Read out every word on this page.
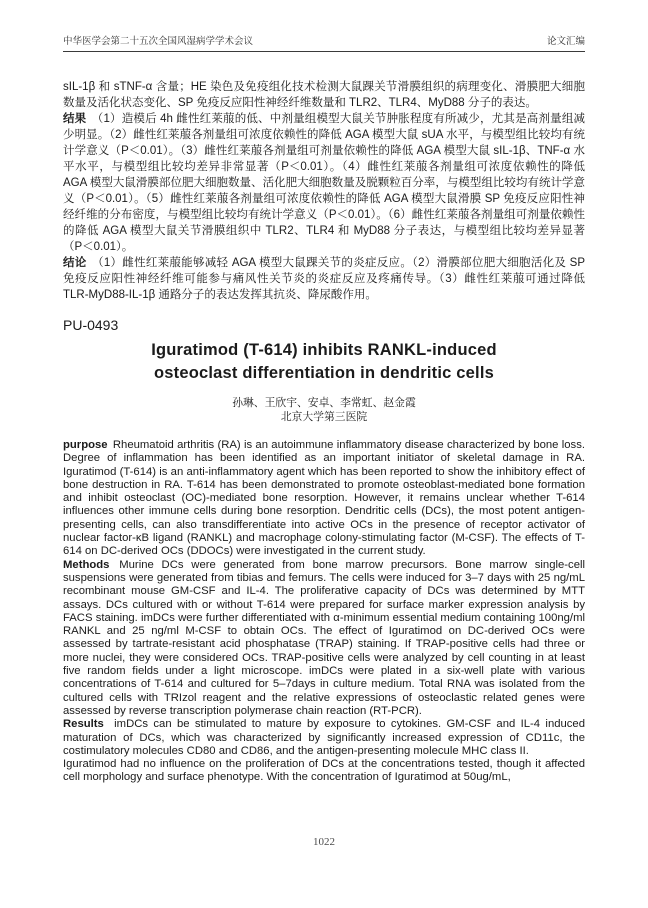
中华医学会第二十五次全国风湿病学学术会议	论文汇编

sIL-1β 和 sTNF-α 含量；HE 染色及免疫组化技术检测大鼠踝关节滑膜组织的病理变化、滑膜肥大细胞数量及活化状态变化、SP 免疫反应阳性神经纤维数量和 TLR2、TLR4、MyD88 分子的表达。

结果 （1）造模后 4h 雌性红莱菔的低、中剂量组模型大鼠关节肿胀程度有所减少，尤其是高剂量组减少明显。（2）雌性红莱菔各剂量组可浓度依赖性的降低 AGA 模型大鼠 sUA 水平，与模型组比较均有统计学意义（P＜0.01）。（3）雌性红莱菔各剂量组可剂量依赖性的降低 AGA 模型大鼠 sIL-1β、TNF-α 水平水平，与模型组比较均差异非常显著（P＜0.01）。（4）雌性红莱菔各剂量组可浓度依赖性的降低 AGA 模型大鼠滑膜部位肥大细胞数量、活化肥大细胞数量及脱颗粒百分率，与模型组比较均有统计学意义（P＜0.01）。（5）雌性红莱菔各剂量组可浓度依赖性的降低 AGA 模型大鼠滑膜 SP 免疫反应阳性神经纤维的分布密度，与模型组比较均有统计学意义（P＜0.01）。（6）雌性红莱菔各剂量组可剂量依赖性的降低 AGA 模型大鼠关节滑膜组织中 TLR2、TLR4 和 MyD88 分子表达，与模型组比较均差异显著（P＜0.01）。

结论 （1）雌性红莱菔能够减轻 AGA 模型大鼠踝关节的炎症反应。（2）滑膜部位肥大细胞活化及 SP 免疫反应阳性神经纤维可能参与痛风性关节炎的炎症反应及疼痛传导。（3）雌性红莱菔可通过降低 TLR-MyD88-IL-1β 通路分子的表达发挥其抗炎、降尿酸作用。

PU-0493
Iguratimod (T-614) inhibits RANKL-induced
osteoclast differentiation in dendritic cells
孙琳、王欣宇、安卓、李常虹、赵金霞
北京大学第三医院

purpose Rheumatoid arthritis (RA) is an autoimmune inflammatory disease characterized by bone loss. Degree of inflammation has been identified as an important initiator of skeletal damage in RA. Iguratimod (T-614) is an anti-inflammatory agent which has been reported to show the inhibitory effect of bone destruction in RA. T-614 has been demonstrated to promote osteoblast-mediated bone formation and inhibit osteoclast (OC)-mediated bone resorption. However, it remains unclear whether T-614 influences other immune cells during bone resorption. Dendritic cells (DCs), the most potent antigen-presenting cells, can also transdifferentiate into active OCs in the presence of receptor activator of nuclear factor-κB ligand (RANKL) and macrophage colony-stimulating factor (M-CSF). The effects of T-614 on DC-derived OCs (DDOCs) were investigated in the current study.

Methods Murine DCs were generated from bone marrow precursors. Bone marrow single-cell suspensions were generated from tibias and femurs. The cells were induced for 3–7 days with 25 ng/mL recombinant mouse GM-CSF and IL-4. The proliferative capacity of DCs was determined by MTT assays. DCs cultured with or without T-614 were prepared for surface marker expression analysis by FACS staining. imDCs were further differentiated with α-minimum essential medium containing 100ng/ml RANKL and 25 ng/ml M-CSF to obtain OCs. The effect of Iguratimod on DC-derived OCs were assessed by tartrate-resistant acid phosphatase (TRAP) staining. If TRAP-positive cells had three or more nuclei, they were considered OCs. TRAP-positive cells were analyzed by cell counting in at least five random fields under a light microscope. imDCs were plated in a six-well plate with various concentrations of T-614 and cultured for 5–7days in culture medium. Total RNA was isolated from the cultured cells with TRIzol reagent and the relative expressions of osteoclastic related genes were assessed by reverse transcription polymerase chain reaction (RT-PCR).

Results imDCs can be stimulated to mature by exposure to cytokines. GM-CSF and IL-4 induced maturation of DCs, which was characterized by significantly increased expression of CD11c, the costimulatory molecules CD80 and CD86, and the antigen-presenting molecule MHC class II.

Iguratimod had no influence on the proliferation of DCs at the concentrations tested, though it affected cell morphology and surface phenotype. With the concentration of Iguratimod at 50ug/mL,

1022
